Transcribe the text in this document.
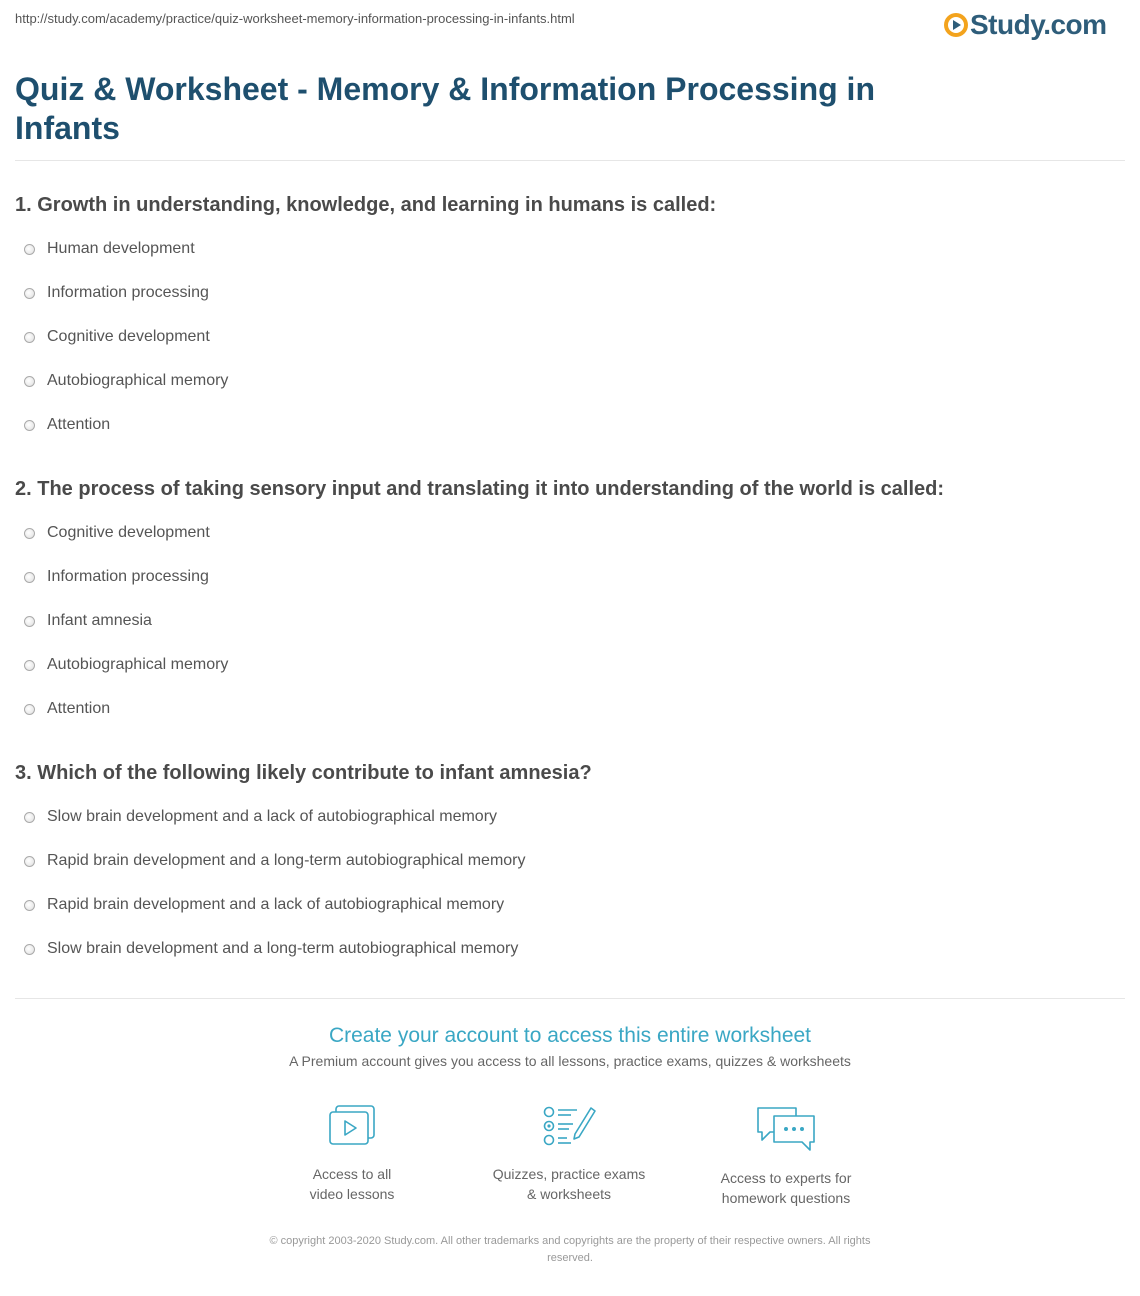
http://study.com/academy/practice/quiz-worksheet-memory-information-processing-in-infants.html	Study.com
Quiz & Worksheet - Memory & Information Processing in Infants
1. Growth in understanding, knowledge, and learning in humans is called:
Human development
Information processing
Cognitive development
Autobiographical memory
Attention
2. The process of taking sensory input and translating it into understanding of the world is called:
Cognitive development
Information processing
Infant amnesia
Autobiographical memory
Attention
3. Which of the following likely contribute to infant amnesia?
Slow brain development and a lack of autobiographical memory
Rapid brain development and a long-term autobiographical memory
Rapid brain development and a lack of autobiographical memory
Slow brain development and a long-term autobiographical memory
Create your account to access this entire worksheet
A Premium account gives you access to all lessons, practice exams, quizzes & worksheets
Access to all
video lessons
Quizzes, practice exams
& worksheets
Access to experts for
homework questions
© copyright 2003-2020 Study.com. All other trademarks and copyrights are the property of their respective owners. All rights
reserved.
